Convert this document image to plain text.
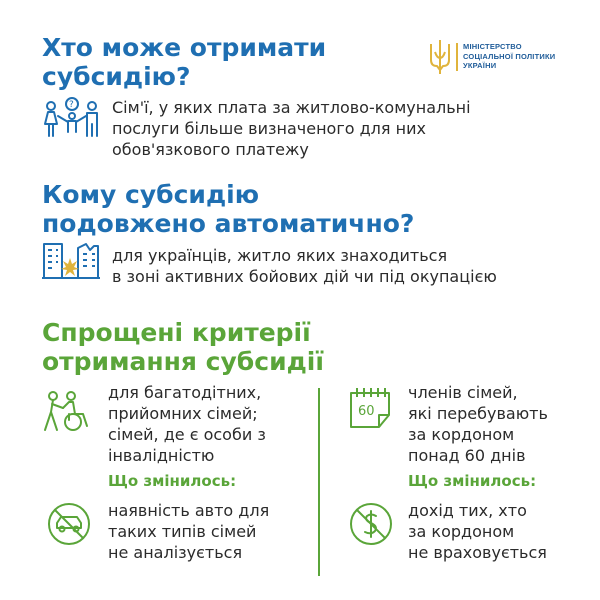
Хто може отримати
субсидію?
МІНІСТЕРСТВО
СОЦІАЛЬНОЇ ПОЛІТИКИ
УКРАЇНИ
? Сім'ї, у яких плата за житлово-комунальні
послуги більше визначеного для них
обов'язкового платежу

Кому субсидію
подовжено автоматично?

для українців, житло яких знаходиться
в зоні активних бойових дій чи під окупацією

Спрощені критерії
отримання субсидії

для багатодітних,
прийомних сімей;
сімей, де є особи з
інвалідністю

Що змінилось:

наявність авто для
таких типів сімей
не аналізується

60

членів сімей,
які перебувають
за кордоном
понад 60 днів

Що змінилось:

дохід тих, хто
за кордоном
не враховується
